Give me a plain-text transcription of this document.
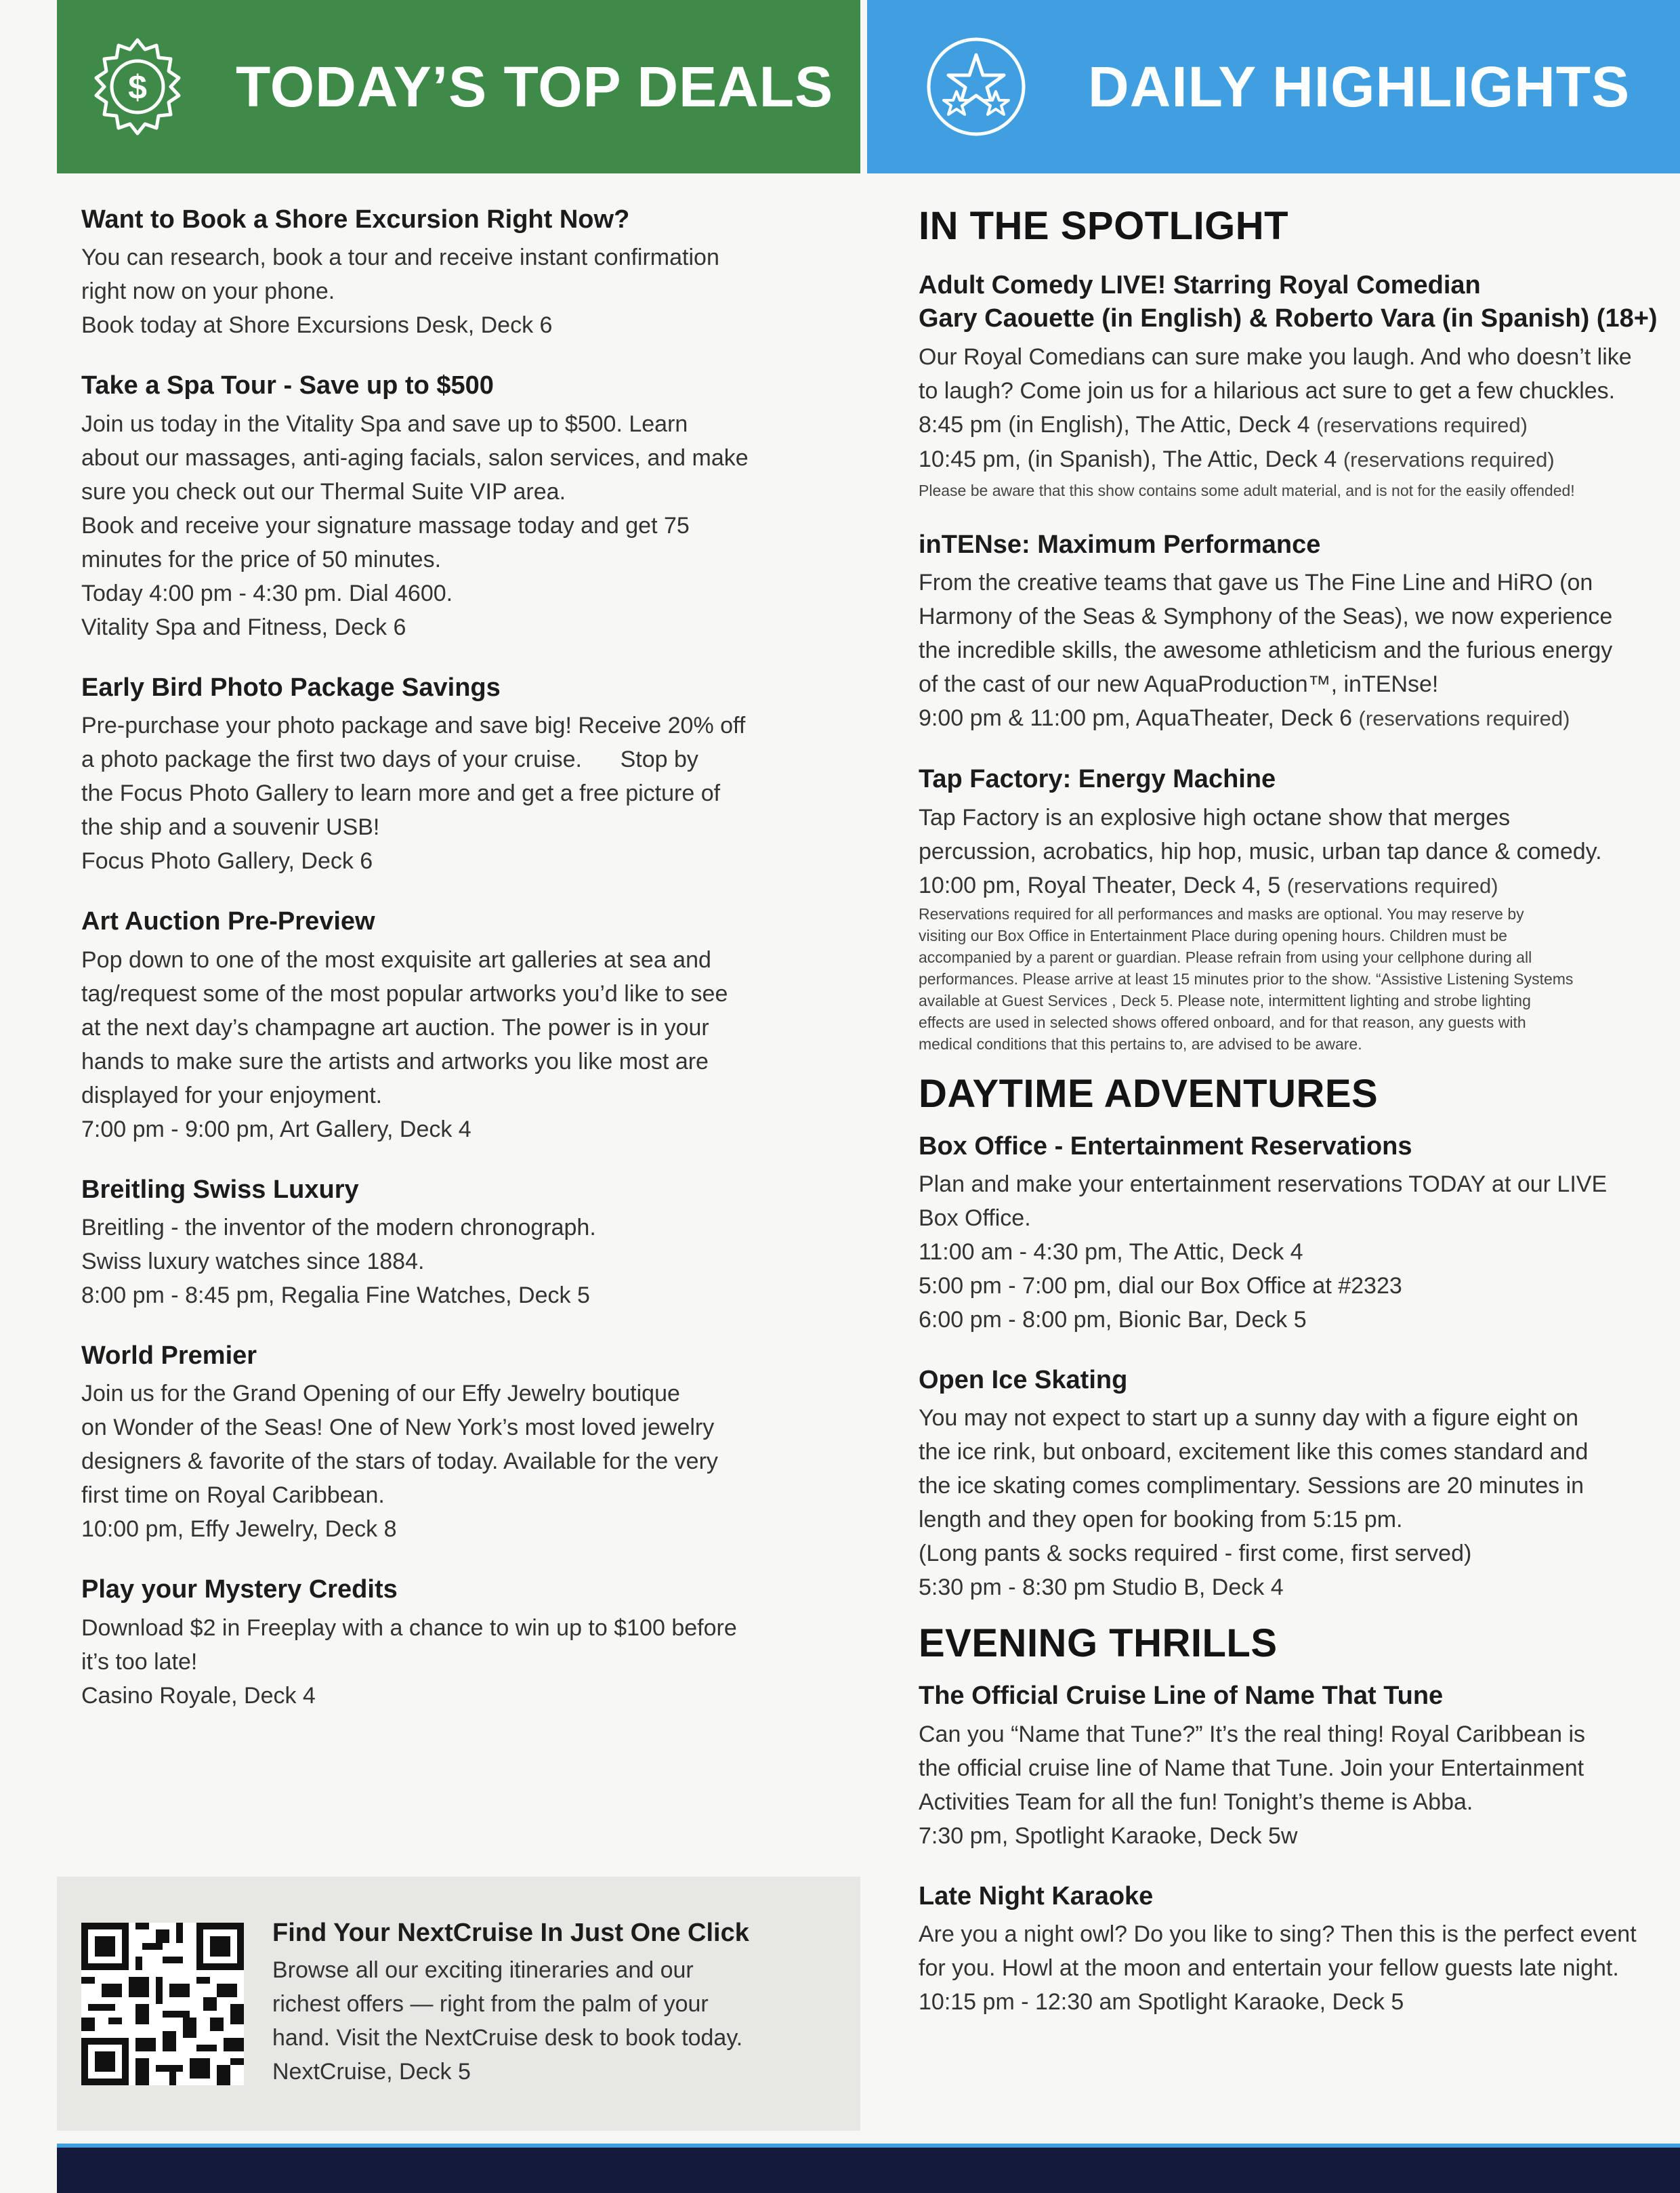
$ TODAY’S TOP DEALS	DAILY HIGHLIGHTS
Want to Book a Shore Excursion Right Now?

You can research, book a tour and receive instant confirmation

right now on your phone.

Book today at Shore Excursions Desk, Deck 6

Take a Spa Tour - Save up to $500

Join us today in the Vitality Spa and save up to $500. Learn

about our massages, anti-aging facials, salon services, and make

sure you check out our Thermal Suite VIP area.

Book and receive your signature massage today and get 75

minutes for the price of 50 minutes.

Today 4:00 pm - 4:30 pm. Dial 4600.

Vitality Spa and Fitness, Deck 6

Early Bird Photo Package Savings

Pre-purchase your photo package and save big! Receive 20% off

a photo package the first two days of your cruise.      Stop by

the Focus Photo Gallery to learn more and get a free picture of

the ship and a souvenir USB!

Focus Photo Gallery, Deck 6

Art Auction Pre-Preview

Pop down to one of the most exquisite art galleries at sea and

tag/request some of the most popular artworks you’d like to see

at the next day’s champagne art auction. The power is in your

hands to make sure the artists and artworks you like most are

displayed for your enjoyment.

7:00 pm - 9:00 pm, Art Gallery, Deck 4

Breitling Swiss Luxury

Breitling - the inventor of the modern chronograph.

Swiss luxury watches since 1884.

8:00 pm - 8:45 pm, Regalia Fine Watches, Deck 5

World Premier

Join us for the Grand Opening of our Effy Jewelry boutique

on Wonder of the Seas! One of New York’s most loved jewelry

designers & favorite of the stars of today. Available for the very

first time on Royal Caribbean.

10:00 pm, Effy Jewelry, Deck 8

Play your Mystery Credits

Download $2 in Freeplay with a chance to win up to $100 before

it’s too late!

Casino Royale, Deck 4

Find Your NextCruise In Just One Click

Browse all our exciting itineraries and our

richest offers — right from the palm of your

hand. Visit the NextCruise desk to book today.

NextCruise, Deck 5

IN THE SPOTLIGHT
Adult Comedy LIVE! Starring Royal Comedian
Gary Caouette (in English) & Roberto Vara (in Spanish) (18+)

Our Royal Comedians can sure make you laugh. And who doesn’t like

to laugh? Come join us for a hilarious act sure to get a few chuckles.

8:45 pm (in English), The Attic, Deck 4 (reservations required)

10:45 pm, (in Spanish), The Attic, Deck 4 (reservations required)

Please be aware that this show contains some adult material, and is not for the easily offended!

inTENse: Maximum Performance

From the creative teams that gave us The Fine Line and HiRO (on

Harmony of the Seas & Symphony of the Seas), we now experience

the incredible skills, the awesome athleticism and the furious energy

of the cast of our new AquaProduction™, inTENse!

9:00 pm & 11:00 pm, AquaTheater, Deck 6 (reservations required)

Tap Factory: Energy Machine

Tap Factory is an explosive high octane show that merges

percussion, acrobatics, hip hop, music, urban tap dance & comedy.

10:00 pm, Royal Theater, Deck 4, 5 (reservations required)

Reservations required for all performances and masks are optional. You may reserve by

visiting our Box Office in Entertainment Place during opening hours. Children must be

accompanied by a parent or guardian. Please refrain from using your cellphone during all

performances. Please arrive at least 15 minutes prior to the show. “Assistive Listening Systems

available at Guest Services , Deck 5. Please note, intermittent lighting and strobe lighting

effects are used in selected shows offered onboard, and for that reason, any guests with

medical conditions that this pertains to, are advised to be aware.

DAYTIME ADVENTURES
Box Office - Entertainment Reservations

Plan and make your entertainment reservations TODAY at our LIVE

Box Office.

11:00 am - 4:30 pm, The Attic, Deck 4

5:00 pm - 7:00 pm, dial our Box Office at #2323

6:00 pm - 8:00 pm, Bionic Bar, Deck 5

Open Ice Skating

You may not expect to start up a sunny day with a figure eight on

the ice rink, but onboard, excitement like this comes standard and

the ice skating comes complimentary. Sessions are 20 minutes in

length and they open for booking from 5:15 pm.

(Long pants & socks required - first come, first served)

5:30 pm - 8:30 pm Studio B, Deck 4

EVENING THRILLS
The Official Cruise Line of Name That Tune

Can you “Name that Tune?” It’s the real thing! Royal Caribbean is

the official cruise line of Name that Tune. Join your Entertainment

Activities Team for all the fun! Tonight’s theme is Abba.

7:30 pm, Spotlight Karaoke, Deck 5w

Late Night Karaoke

Are you a night owl? Do you like to sing? Then this is the perfect event

for you. Howl at the moon and entertain your fellow guests late night.

10:15 pm - 12:30 am Spotlight Karaoke, Deck 5
